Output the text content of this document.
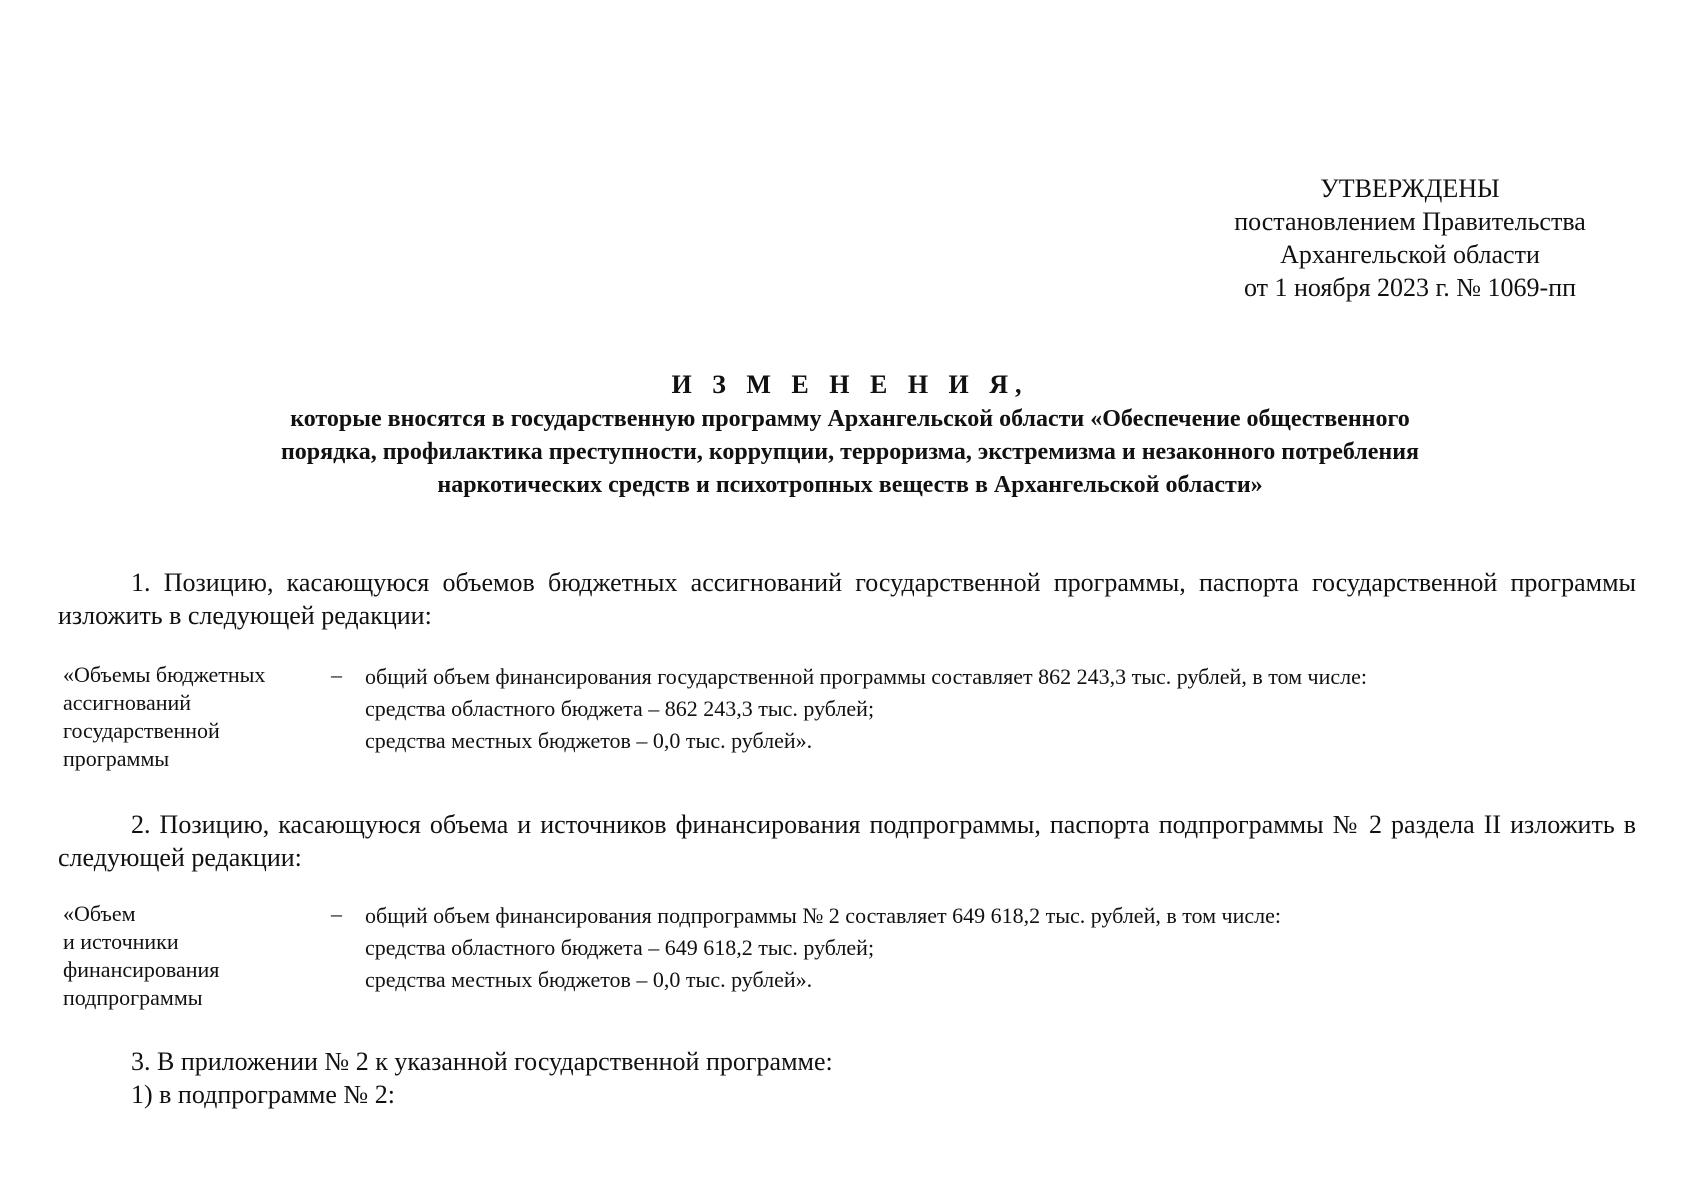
УТВЕРЖДЕНЫ
постановлением Правительства
Архангельской области
от 1 ноября 2023 г. № 1069-пп
И З М Е Н Е Н И Я,
которые вносятся в государственную программу Архангельской области «Обеспечение общественного
порядка, профилактика преступности, коррупции, терроризма, экстремизма и незаконного потребления
наркотических средств и психотропных веществ в Архангельской области»
1. Позицию, касающуюся объемов бюджетных ассигнований государственной программы, паспорта государственной программы изложить в следующей редакции:
«Объемы бюджетных
ассигнований
государственной
программы
– общий объем финансирования государственной программы составляет 862 243,3 тыс. рублей, в том числе:
средства областного бюджета – 862 243,3 тыс. рублей;
средства местных бюджетов – 0,0 тыс. рублей».
2. Позицию, касающуюся объема и источников финансирования подпрограммы, паспорта подпрограммы № 2 раздела II изложить в следующей редакции:
«Объем
и источники
финансирования
подпрограммы
– общий объем финансирования подпрограммы № 2 составляет 649 618,2 тыс. рублей, в том числе:
средства областного бюджета – 649 618,2 тыс. рублей;
средства местных бюджетов – 0,0 тыс. рублей».
3. В приложении № 2 к указанной государственной программе:
1) в подпрограмме № 2:
